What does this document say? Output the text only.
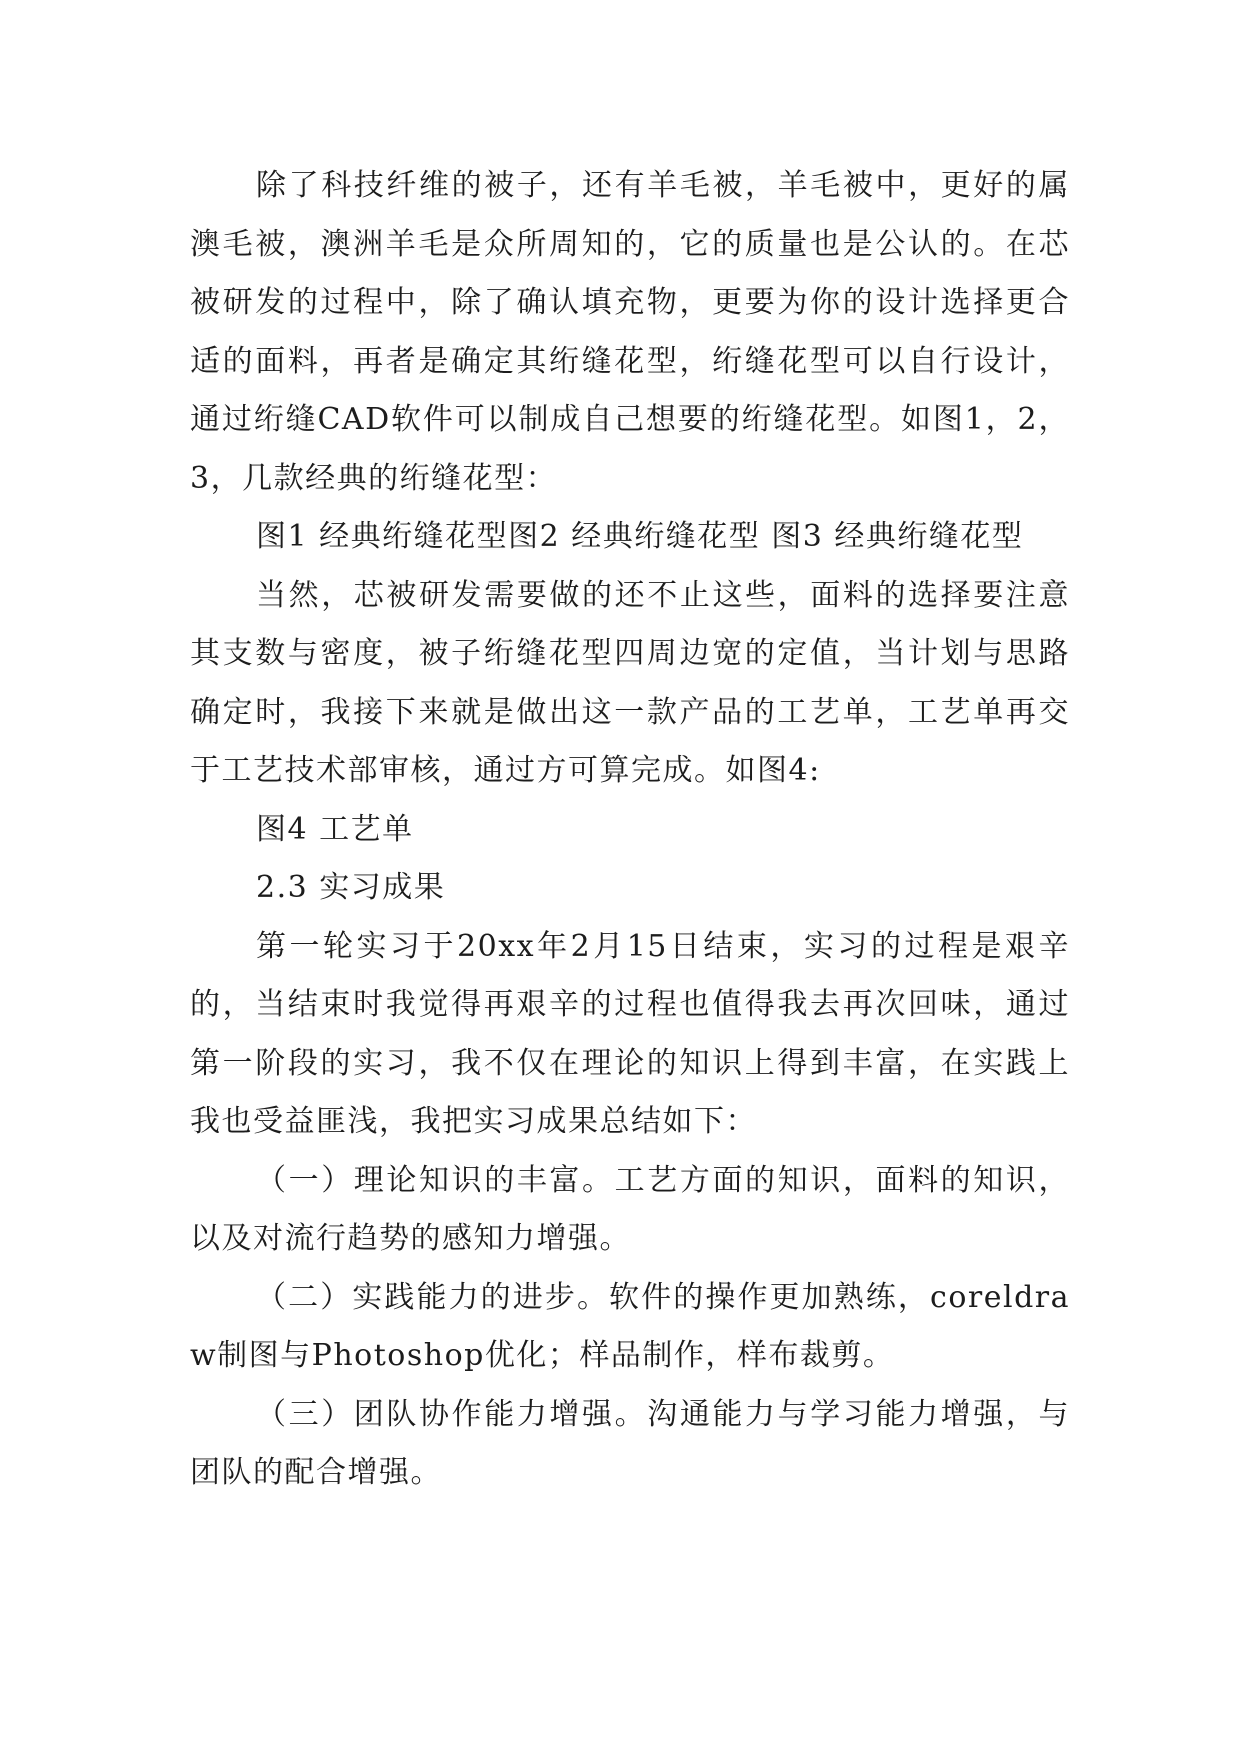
除了科技纤维的被子，还有羊毛被，羊毛被中，更好的属澳毛被，澳洲羊毛是众所周知的，它的质量也是公认的。在芯被研发的过程中，除了确认填充物，更要为你的设计选择更合适的面料，再者是确定其绗缝花型，绗缝花型可以自行设计，通过绗缝CAD软件可以制成自己想要的绗缝花型。如图1，2，3，几款经典的绗缝花型：

图1 经典绗缝花型图2 经典绗缝花型 图3 经典绗缝花型

当然，芯被研发需要做的还不止这些，面料的选择要注意其支数与密度，被子绗缝花型四周边宽的定值，当计划与思路确定时，我接下来就是做出这一款产品的工艺单，工艺单再交于工艺技术部审核，通过方可算完成。如图4:

图4 工艺单

2.3 实习成果

第一轮实习于20xx年2月15日结束，实习的过程是艰辛的，当结束时我觉得再艰辛的过程也值得我去再次回味，通过第一阶段的实习，我不仅在理论的知识上得到丰富，在实践上我也受益匪浅，我把实习成果总结如下：

（一）理论知识的丰富。工艺方面的知识，面料的知识，以及对流行趋势的感知力增强。

（二）实践能力的进步。软件的操作更加熟练，coreldraw制图与Photoshop优化；样品制作，样布裁剪。

（三）团队协作能力增强。沟通能力与学习能力增强，与团队的配合增强。
